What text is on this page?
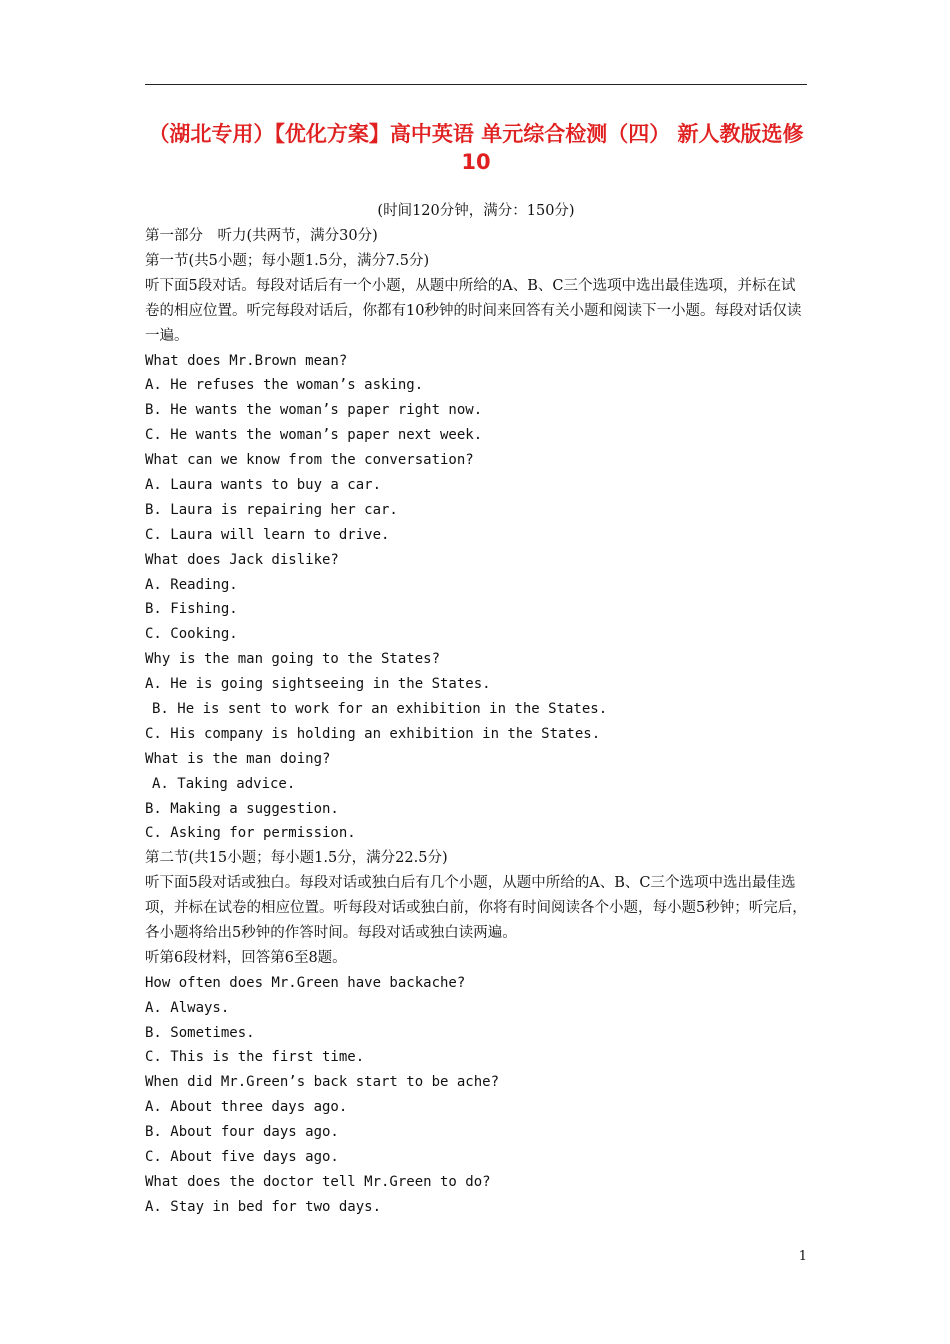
（湖北专用）【优化方案】高中英语 单元综合检测（四） 新人教版选修10
(时间120分钟，满分：150分)
第一部分　听力(共两节，满分30分)
第一节(共5小题；每小题1.5分，满分7.5分)
听下面5段对话。每段对话后有一个小题，从题中所给的A、B、C三个选项中选出最佳选项，并标在试卷的相应位置。听完每段对话后，你都有10秒钟的时间来回答有关小题和阅读下一小题。每段对话仅读一遍。
What does Mr.Brown mean?
A. He refuses the woman’s asking.
B. He wants the woman’s paper right now.
C. He wants the woman’s paper next week.
What can we know from the conversation?
A. Laura wants to buy a car.
B. Laura is repairing her car.
C. Laura will learn to drive.
What does Jack dislike?
A. Reading.
B. Fishing.
C. Cooking.
Why is the man going to the States?
A. He is going sightseeing in the States.
B. He is sent to work for an exhibition in the States.
C. His company is holding an exhibition in the States.
What is the man doing?
A. Taking advice.
B. Making a suggestion.
C. Asking for permission.
第二节(共15小题；每小题1.5分，满分22.5分)
听下面5段对话或独白。每段对话或独白后有几个小题，从题中所给的A、B、C三个选项中选出最佳选项，并标在试卷的相应位置。听每段对话或独白前，你将有时间阅读各个小题，每小题5秒钟；听完后，各小题将给出5秒钟的作答时间。每段对话或独白读两遍。
听第6段材料，回答第6至8题。
How often does Mr.Green have backache?
A. Always.
B. Sometimes.
C. This is the first time.
When did Mr.Green’s back start to be ache?
A. About three days ago.
B. About four days ago.
C. About five days ago.
What does the doctor tell Mr.Green to do?
A. Stay in bed for two days.
1
